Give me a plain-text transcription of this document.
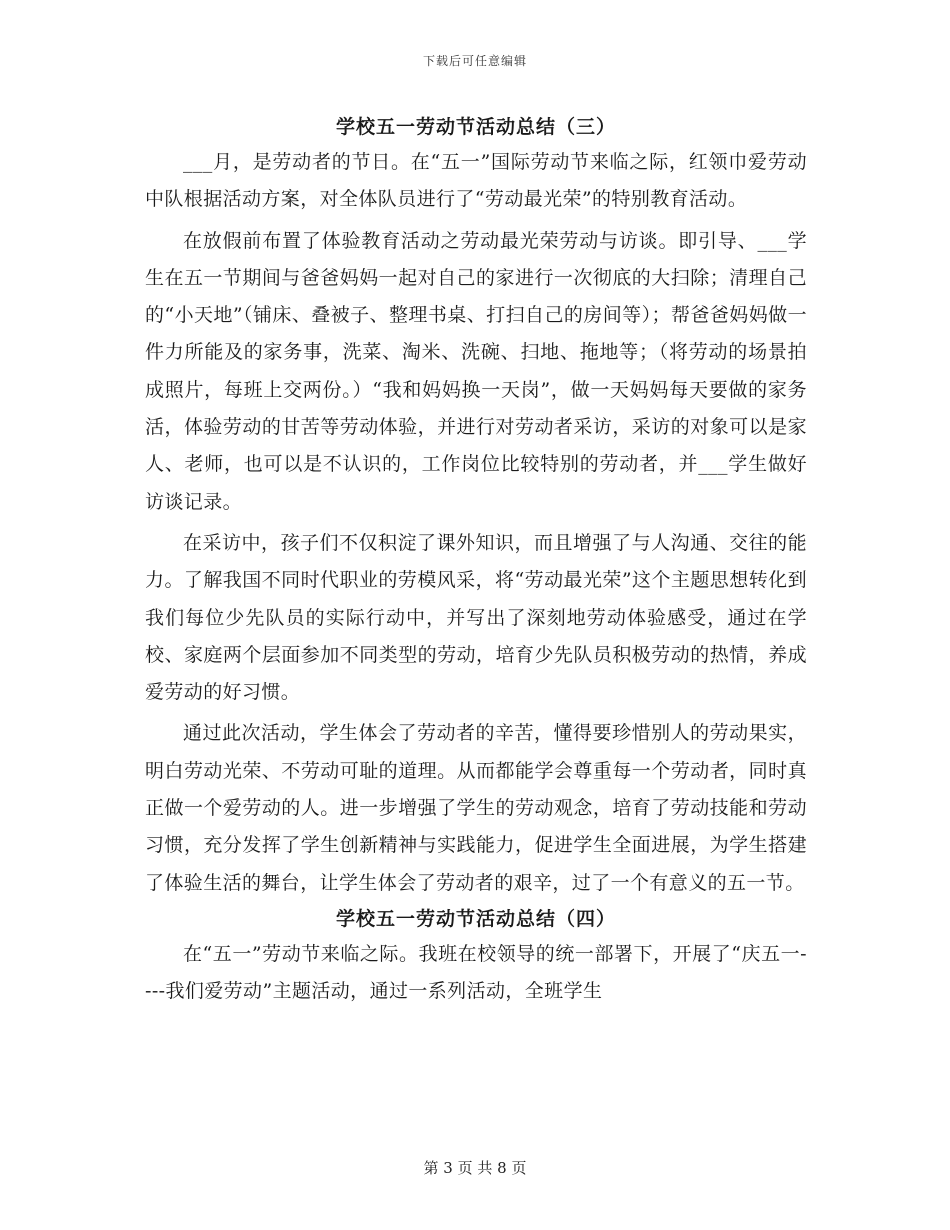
下载后可任意编辑
学校五一劳动节活动总结（三）

___月，是劳动者的节日。在“五一”国际劳动节来临之际，红领巾爱劳动中队根据活动方案，对全体队员进行了“劳动最光荣”的特别教育活动。

在放假前布置了体验教育活动之劳动最光荣劳动与访谈。即引导、___学生在五一节期间与爸爸妈妈一起对自己的家进行一次彻底的大扫除；清理自己的“小天地”（铺床、叠被子、整理书桌、打扫自己的房间等）；帮爸爸妈妈做一件力所能及的家务事，洗菜、淘米、洗碗、扫地、拖地等；（将劳动的场景拍成照片，每班上交两份。）“我和妈妈换一天岗”，做一天妈妈每天要做的家务活，体验劳动的甘苦等劳动体验，并进行对劳动者采访，采访的对象可以是家人、老师，也可以是不认识的，工作岗位比较特别的劳动者，并___学生做好访谈记录。

在采访中，孩子们不仅积淀了课外知识，而且增强了与人沟通、交往的能力。了解我国不同时代职业的劳模风采，将“劳动最光荣”这个主题思想转化到我们每位少先队员的实际行动中，并写出了深刻地劳动体验感受，通过在学校、家庭两个层面参加不同类型的劳动，培育少先队员积极劳动的热情，养成爱劳动的好习惯。

通过此次活动，学生体会了劳动者的辛苦，懂得要珍惜别人的劳动果实，明白劳动光荣、不劳动可耻的道理。从而都能学会尊重每一个劳动者，同时真正做一个爱劳动的人。进一步增强了学生的劳动观念，培育了劳动技能和劳动习惯，充分发挥了学生创新精神与实践能力，促进学生全面进展，为学生搭建了体验生活的舞台，让学生体会了劳动者的艰辛，过了一个有意义的五一节。

学校五一劳动节活动总结（四）

在“五一”劳动节来临之际。我班在校领导的统一部署下，开展了“庆五一----我们爱劳动”主题活动，通过一系列活动，全班学生

第 3 页 共 8 页
